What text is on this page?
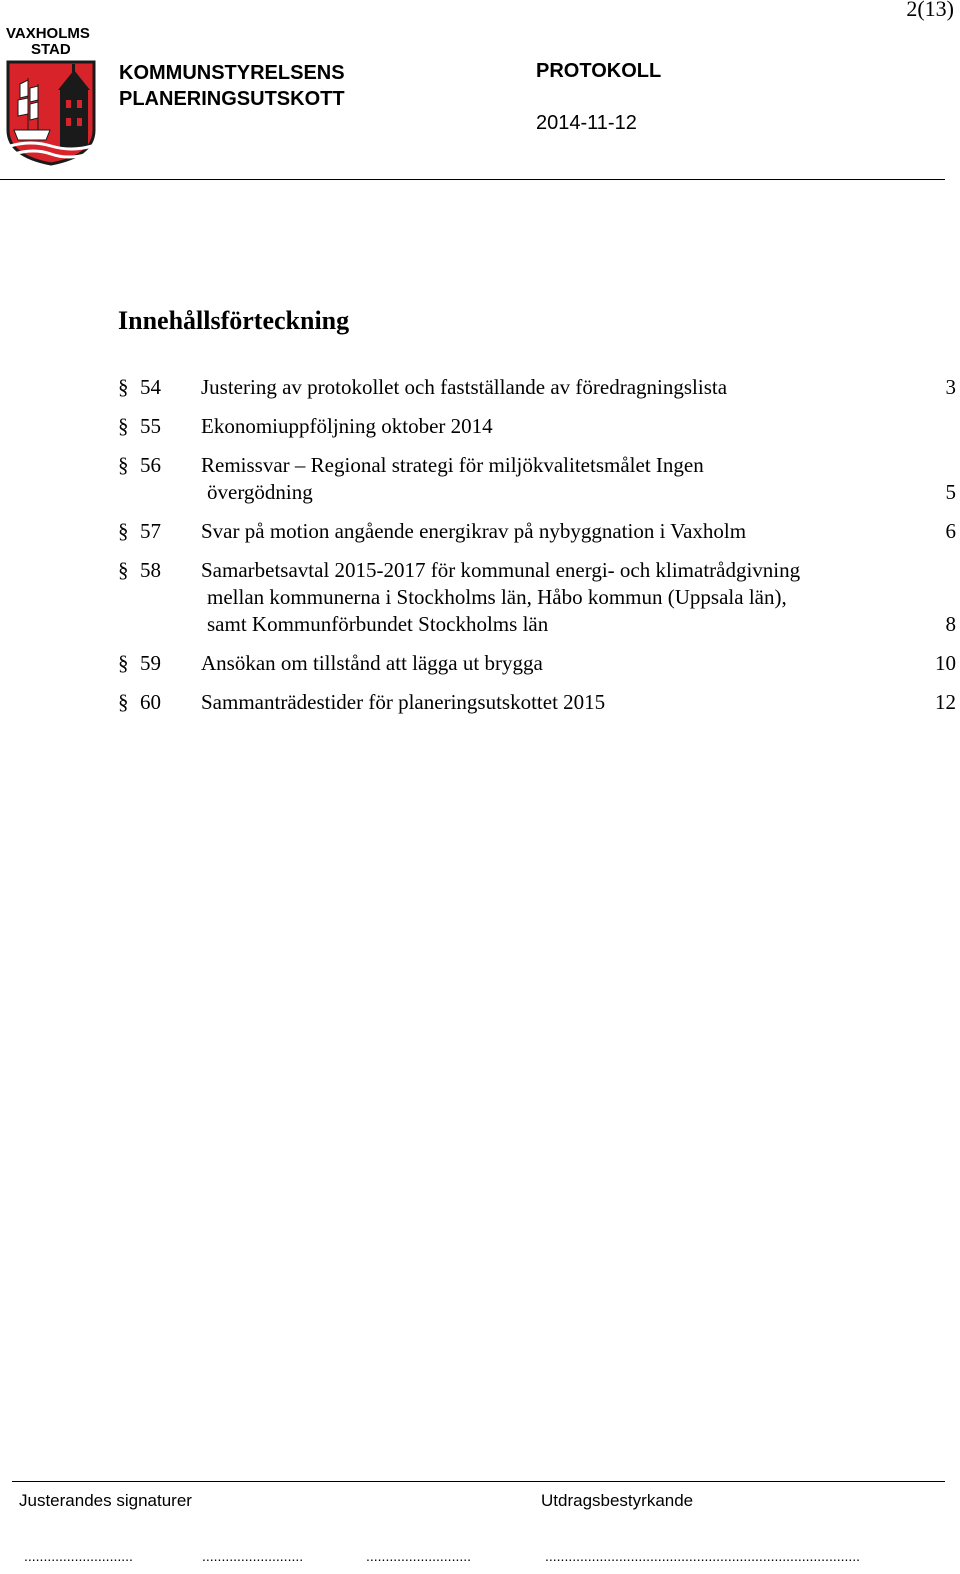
2(13)
VAXHOLMS
STAD
KOMMUNSTYRELSENS
PLANERINGSUTSKOTT
PROTOKOLL
2014-11-12
Innehållsförteckning
§ 54 Justering av protokollet och fastställande av föredragningslista	3
§ 55 Ekonomiuppföljning oktober 2014
§ 56 Remissvar – Regional strategi för miljökvalitetsmålet Ingen
övergödning	5
§ 57 Svar på motion angående energikrav på nybyggnation i Vaxholm	6
§ 58 Samarbetsavtal 2015-2017 för kommunal energi- och klimatrådgivning
mellan kommunerna i Stockholms län, Håbo kommun (Uppsala län),
samt Kommunförbundet Stockholms län	8
§ 59 Ansökan om tillstånd att lägga ut brygga	10
§ 60 Sammanträdestider för planeringsutskottet 2015	12
Justerandes signaturer	Utdragsbestyrkande
............................	..........................	...........................	.................................................................................
